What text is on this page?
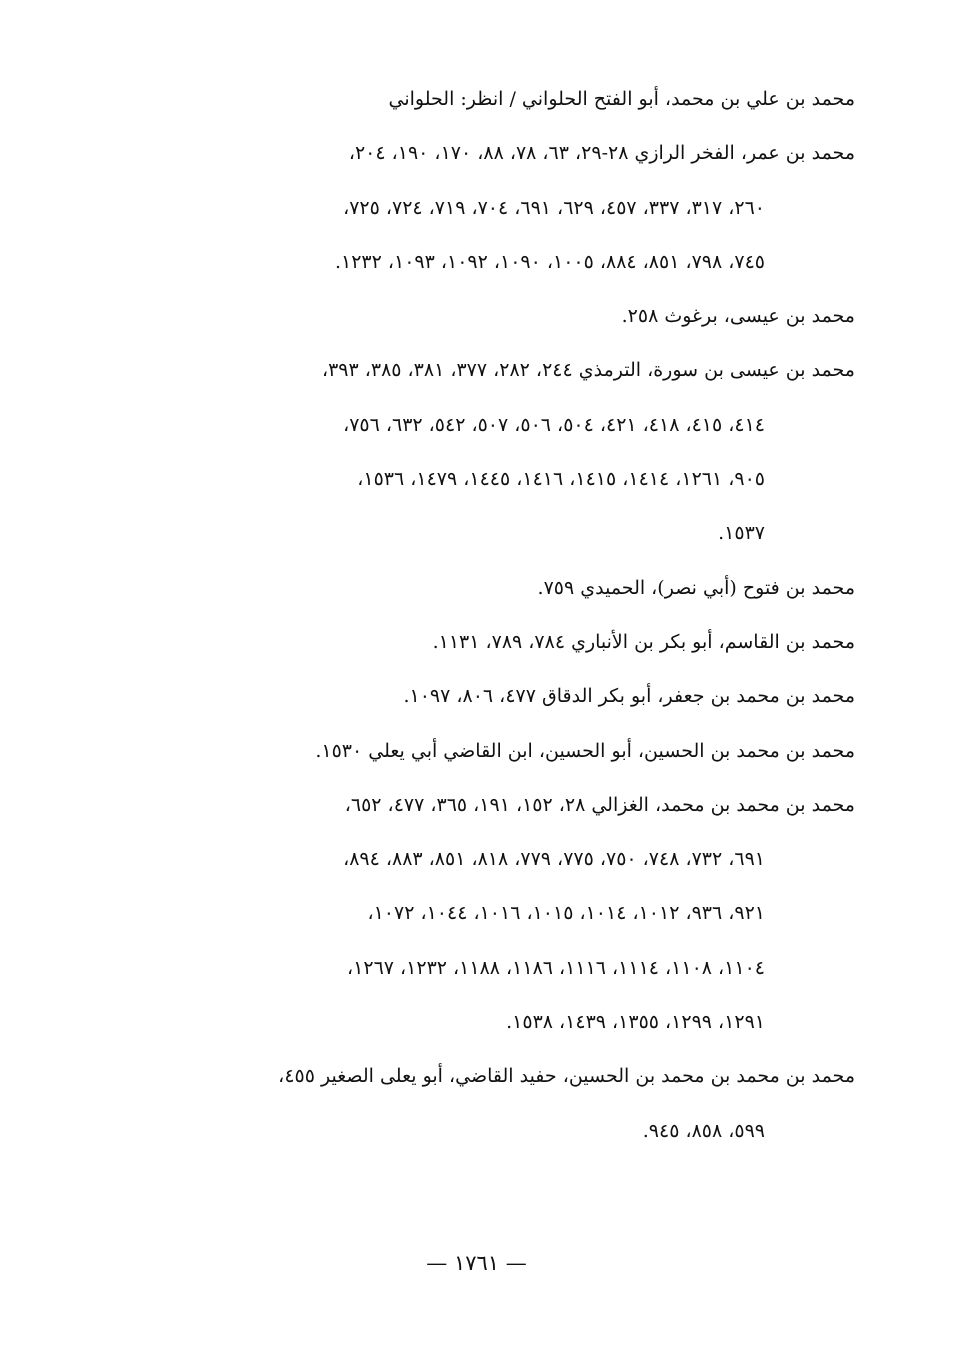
محمد بن علي بن محمد، أبو الفتح الحلواني / انظر: الحلواني
محمد بن عمر، الفخر الرازي ٢٨-٢٩، ٦٣، ٧٨، ٨٨، ١٧٠، ١٩٠، ٢٠٤،
٢٦٠، ٣١٧، ٣٣٧، ٤٥٧، ٦٢٩، ٦٩١، ٧٠٤، ٧١٩، ٧٢٤، ٧٢٥،
٧٤٥، ٧٩٨، ٨٥١، ٨٨٤، ١٠٠٥، ١٠٩٠، ١٠٩٢، ١٠٩٣، ١٢٣٢.
محمد بن عيسى، برغوث ٢٥٨.
محمد بن عيسى بن سورة، الترمذي ٢٤٤، ٢٨٢، ٣٧٧، ٣٨١، ٣٨٥، ٣٩٣،
٤١٤، ٤١٥، ٤١٨، ٤٢١، ٥٠٤، ٥٠٦، ٥٠٧، ٥٤٢، ٦٣٢، ٧٥٦،
٩٠٥، ١٢٦١، ١٤١٤، ١٤١٥، ١٤١٦، ١٤٤٥، ١٤٧٩، ١٥٣٦،
١٥٣٧.
محمد بن فتوح (أبي نصر)، الحميدي ٧٥٩.
محمد بن القاسم، أبو بكر بن الأنباري ٧٨٤، ٧٨٩، ١١٣١.
محمد بن محمد بن جعفر، أبو بكر الدقاق ٤٧٧، ٨٠٦، ١٠٩٧.
محمد بن محمد بن الحسين، أبو الحسين، ابن القاضي أبي يعلي ١٥٣٠.
محمد بن محمد بن محمد، الغزالي ٢٨، ١٥٢، ١٩١، ٣٦٥، ٤٧٧، ٦٥٢،
٦٩١، ٧٣٢، ٧٤٨، ٧٥٠، ٧٧٥، ٧٧٩، ٨١٨، ٨٥١، ٨٨٣، ٨٩٤،
٩٢١، ٩٣٦، ١٠١٢، ١٠١٤، ١٠١٥، ١٠١٦، ١٠٤٤، ١٠٧٢،
١١٠٤، ١١٠٨، ١١١٤، ١١١٦، ١١٨٦، ١١٨٨، ١٢٣٢، ١٢٦٧،
١٢٩١، ١٢٩٩، ١٣٥٥، ١٤٣٩، ١٥٣٨.
محمد بن محمد بن محمد بن الحسين، حفيد القاضي، أبو يعلى الصغير ٤٥٥،
٥٩٩، ٨٥٨، ٩٤٥.
— ١٧٦١ —
